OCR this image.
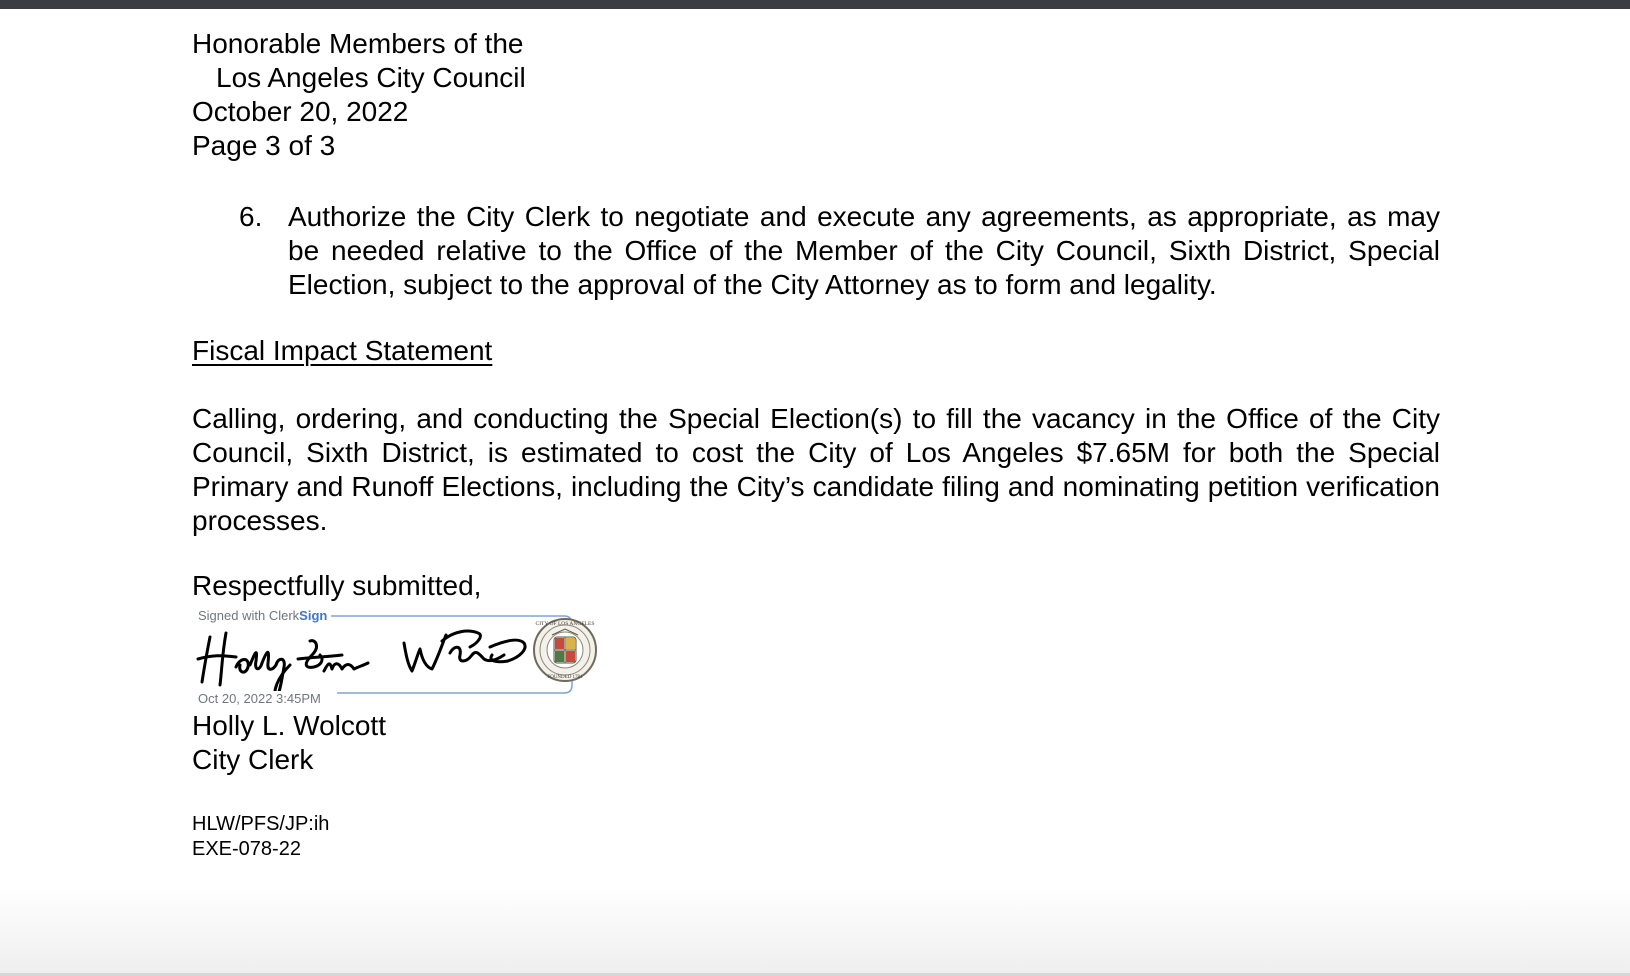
Honorable Members of the
Los Angeles City Council
October 20, 2022
Page 3 of 3
6. Authorize the City Clerk to negotiate and execute any agreements, as appropriate, as may be needed relative to the Office of the Member of the City Council, Sixth District, Special Election, subject to the approval of the City Attorney as to form and legality.
Fiscal Impact Statement
Calling, ordering, and conducting the Special Election(s) to fill the vacancy in the Office of the City Council, Sixth District, is estimated to cost the City of Los Angeles $7.65M for both the Special Primary and Runoff Elections, including the City’s candidate filing and nominating petition verification processes.
Respectfully submitted,
CITY OF LOS ANGELES
FOUNDED 1781
Signed with ClerkSign
Oct 20, 2022 3:45PM
Holly L. Wolcott
City Clerk
HLW/PFS/JP:ih
EXE-078-22
